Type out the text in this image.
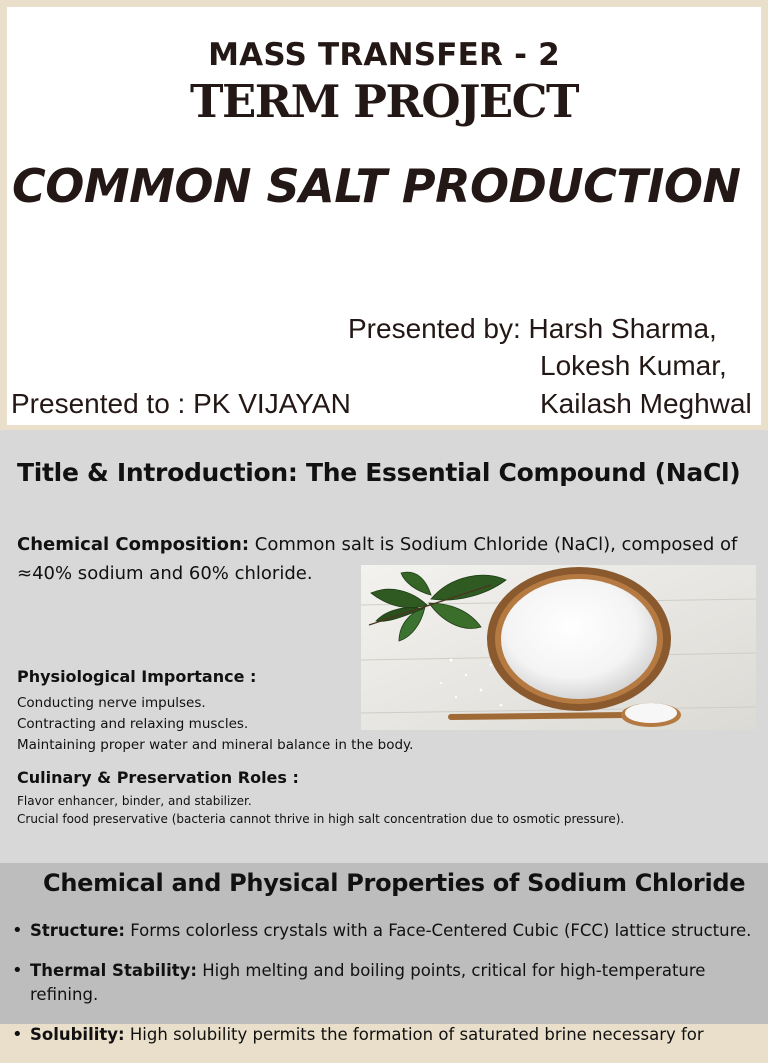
MASS TRANSFER - 2
TERM PROJECT
COMMON SALT PRODUCTION
Presented by: Harsh Sharma,
Lokesh Kumar,
Kailash Meghwal
Presented to : PK VIJAYAN
Title & Introduction: The Essential Compound (NaCl)
Chemical Composition: Common salt is Sodium Chloride (NaCl), composed of ≈40% sodium and 60% chloride.
Physiological Importance :
Conducting nerve impulses.
Contracting and relaxing muscles.
Maintaining proper water and mineral balance in the body.
Culinary & Preservation Roles :
Flavor enhancer, binder, and stabilizer.
Crucial food preservative (bacteria cannot thrive in high salt concentration due to osmotic pressure).
Chemical and Physical Properties of Sodium Chloride
• Structure: Forms colorless crystals with a Face-Centered Cubic (FCC) lattice structure.
• Thermal Stability: High melting and boiling points, critical for high-temperature refining.
• Solubility: High solubility permits the formation of saturated brine necessary for
